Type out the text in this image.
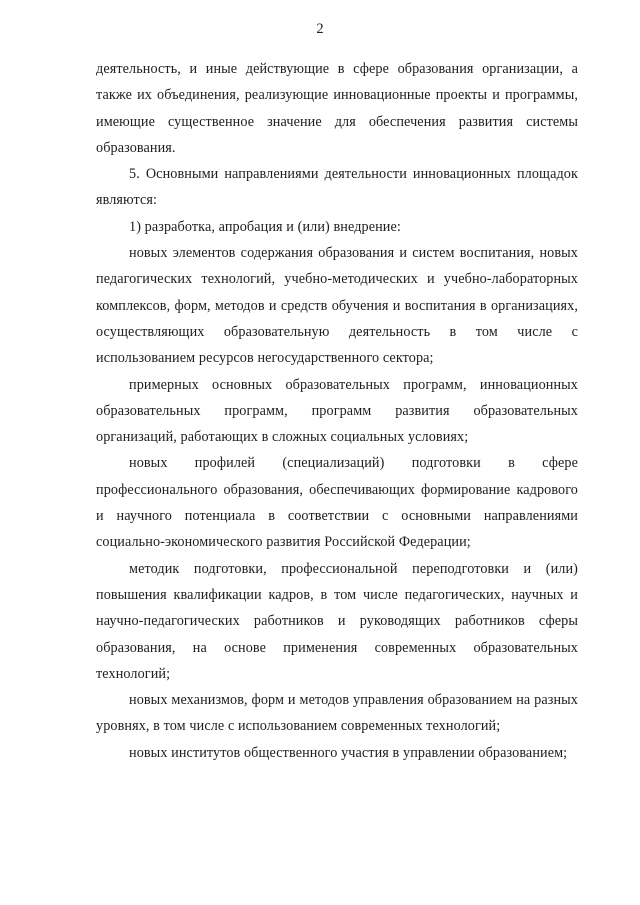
2

деятельность, и иные действующие в сфере образования организации, а также их объединения, реализующие инновационные проекты и программы, имеющие существенное значение для обеспечения развития системы образования.

5. Основными направлениями деятельности инновационных площадок являются:

1) разработка, апробация и (или) внедрение:

новых элементов содержания образования и систем воспитания, новых педагогических технологий, учебно-методических и учебно-лабораторных комплексов, форм, методов и средств обучения и воспитания в организациях, осуществляющих образовательную деятельность в том числе с использованием ресурсов негосударственного сектора;

примерных основных образовательных программ, инновационных образовательных программ, программ развития образовательных организаций, работающих в сложных социальных условиях;

новых профилей (специализаций) подготовки в сфере профессионального образования, обеспечивающих формирование кадрового и научного потенциала в соответствии с основными направлениями социально-экономического развития Российской Федерации;

методик подготовки, профессиональной переподготовки и (или) повышения квалификации кадров, в том числе педагогических, научных и научно-педагогических работников и руководящих работников сферы образования, на основе применения современных образовательных технологий;

новых механизмов, форм и методов управления образованием на разных уровнях, в том числе с использованием современных технологий;

новых институтов общественного участия в управлении образованием;
